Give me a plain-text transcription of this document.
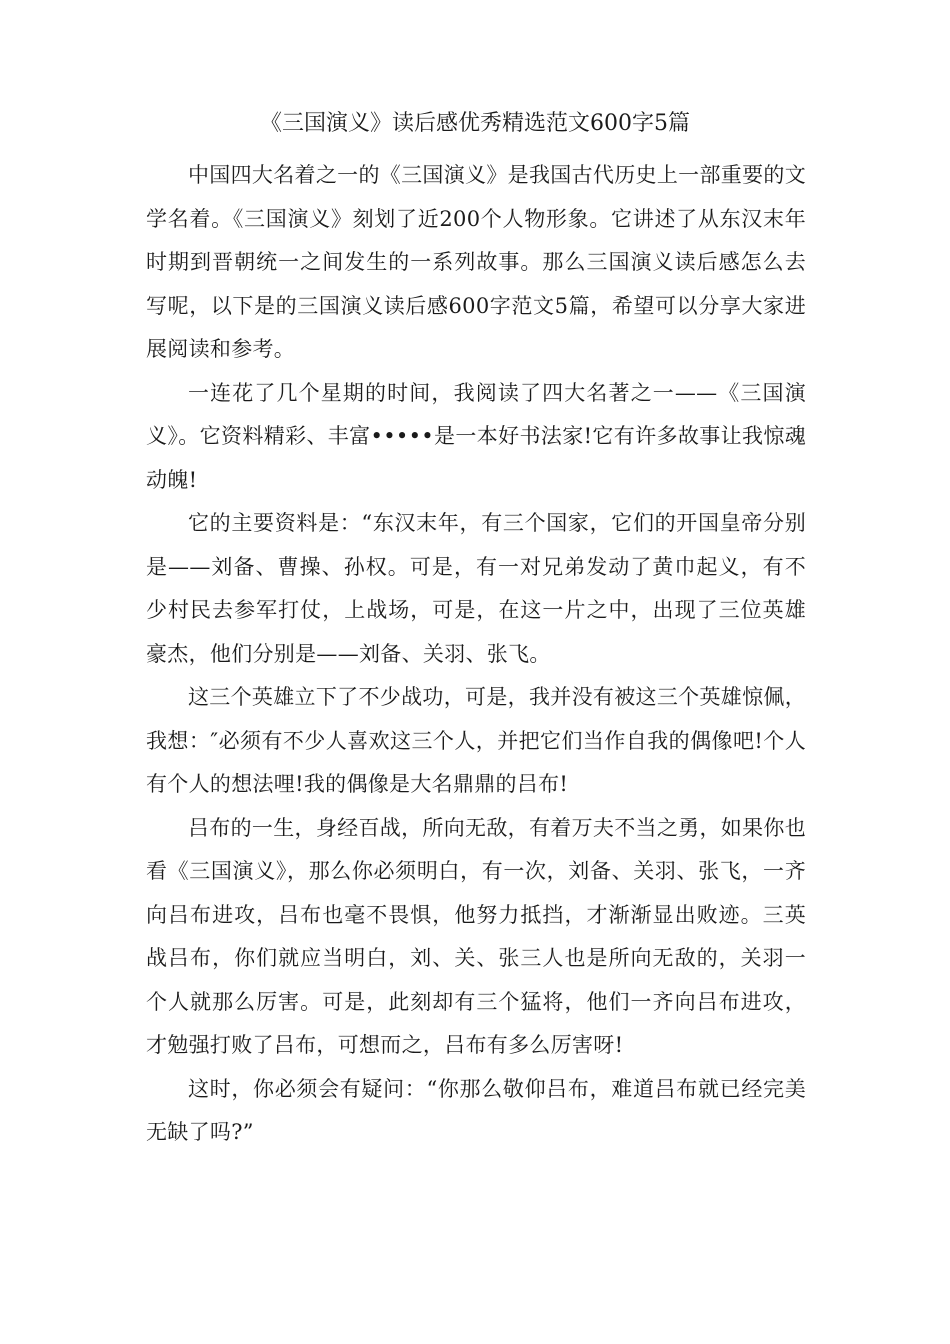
《三国演义》读后感优秀精选范文600字5篇

中国四大名着之一的《三国演义》是我国古代历史上一部重要的文学名着。《三国演义》刻划了近200个人物形象。它讲述了从东汉末年时期到晋朝统一之间发生的一系列故事。那么三国演义读后感怎么去写呢，以下是的三国演义读后感600字范文5篇，希望可以分享大家进展阅读和参考。

一连花了几个星期的时间，我阅读了四大名著之一——《三国演义》。它资料精彩、丰富•••••是一本好书法家!它有许多故事让我惊魂动魄!

它的主要资料是：“东汉末年，有三个国家，它们的开国皇帝分别是——刘备、曹操、孙权。可是，有一对兄弟发动了黄巾起义，有不少村民去参军打仗，上战场，可是，在这一片之中，出现了三位英雄豪杰，他们分别是——刘备、关羽、张飞。

这三个英雄立下了不少战功，可是，我并没有被这三个英雄惊佩，我想：″必须有不少人喜欢这三个人，并把它们当作自我的偶像吧!个人有个人的想法哩!我的偶像是大名鼎鼎的吕布!

吕布的一生，身经百战，所向无敌，有着万夫不当之勇，如果你也看《三国演义》，那么你必须明白，有一次，刘备、关羽、张飞，一齐向吕布进攻，吕布也毫不畏惧，他努力抵挡，才渐渐显出败迹。三英战吕布，你们就应当明白，刘、关、张三人也是所向无敌的，关羽一个人就那么厉害。可是，此刻却有三个猛将，他们一齐向吕布进攻，才勉强打败了吕布，可想而之，吕布有多么厉害呀!

这时，你必须会有疑问：“你那么敬仰吕布，难道吕布就已经完美无缺了吗?”
